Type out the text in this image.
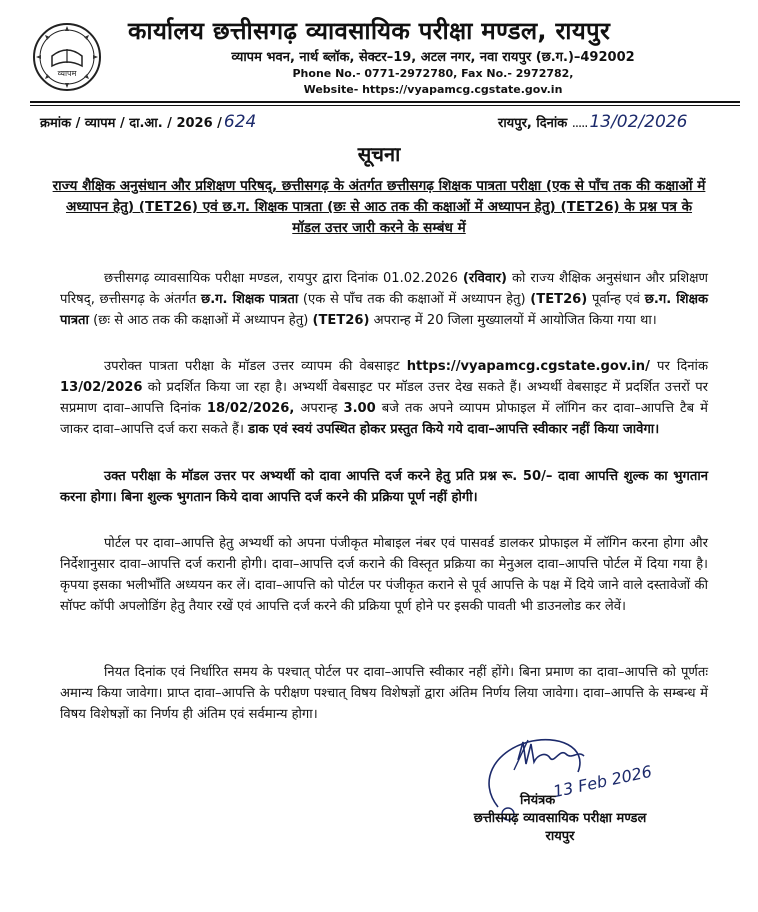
व्यापम
कार्यालय छत्तीसगढ़ व्यावसायिक परीक्षा मण्डल, रायपुर
व्यापम भवन, नार्थ ब्लॉक, सेक्टर–19, अटल नगर, नवा रायपुर (छ.ग.)–492002
Phone No.- 0771-2972780, Fax No.- 2972782,
Website- https://vyapamcg.cgstate.gov.in
क्रमांक / व्यापम / दा.आ. / 2026 / 624	रायपुर, दिनांक ..... 13/02/2026
सूचना
राज्य शैक्षिक अनुसंधान और प्रशिक्षण परिषद्, छत्तीसगढ़ के अंतर्गत छत्तीसगढ़ शिक्षक पात्रता परीक्षा (एक से पाँच तक की कक्षाओं में अध्यापन हेतु) (TET26) एवं छ.ग. शिक्षक पात्रता (छः से आठ तक की कक्षाओं में अध्यापन हेतु) (TET26) के प्रश्न पत्र के मॉडल उत्तर जारी करने के सम्बंध में
छत्तीसगढ़ व्यावसायिक परीक्षा मण्डल, रायपुर द्वारा दिनांक 01.02.2026 (रविवार) को राज्य शैक्षिक अनुसंधान और प्रशिक्षण परिषद्, छत्तीसगढ़ के अंतर्गत छ.ग. शिक्षक पात्रता (एक से पाँच तक की कक्षाओं में अध्यापन हेतु) (TET26) पूर्वान्ह एवं छ.ग. शिक्षक पात्रता (छः से आठ तक की कक्षाओं में अध्यापन हेतु) (TET26) अपरान्ह में 20 जिला मुख्यालयों में आयोजित किया गया था।
उपरोक्त पात्रता परीक्षा के मॉडल उत्तर व्यापम की वेबसाइट https://vyapamcg.cgstate.gov.in/ पर दिनांक 13/02/2026 को प्रदर्शित किया जा रहा है। अभ्यर्थी वेबसाइट पर मॉडल उत्तर देख सकते हैं। अभ्यर्थी वेबसाइट में प्रदर्शित उत्तरों पर सप्रमाण दावा–आपत्ति दिनांक 18/02/2026, अपरान्ह 3.00 बजे तक अपने व्यापम प्रोफाइल में लॉगिन कर दावा–आपत्ति टैब में जाकर दावा–आपत्ति दर्ज करा सकते हैं। डाक एवं स्वयं उपस्थित होकर प्रस्तुत किये गये दावा–आपत्ति स्वीकार नहीं किया जावेगा।
उक्त परीक्षा के मॉडल उत्तर पर अभ्यर्थी को दावा आपत्ति दर्ज करने हेतु प्रति प्रश्न रू. 50/– दावा आपत्ति शुल्क का भुगतान करना होगा। बिना शुल्क भुगतान किये दावा आपत्ति दर्ज करने की प्रक्रिया पूर्ण नहीं होगी।
पोर्टल पर दावा–आपत्ति हेतु अभ्यर्थी को अपना पंजीकृत मोबाइल नंबर एवं पासवर्ड डालकर प्रोफाइल में लॉगिन करना होगा और निर्देशानुसार दावा–आपत्ति दर्ज करानी होगी। दावा–आपत्ति दर्ज कराने की विस्तृत प्रक्रिया का मेनुअल दावा–आपत्ति पोर्टल में दिया गया है। कृपया इसका भलीभाँति अध्ययन कर लें। दावा–आपत्ति को पोर्टल पर पंजीकृत कराने से पूर्व आपत्ति के पक्ष में दिये जाने वाले दस्तावेजों की सॉफ्ट कॉपी अपलोडिंग हेतु तैयार रखें एवं आपत्ति दर्ज करने की प्रक्रिया पूर्ण होने पर इसकी पावती भी डाउनलोड कर लेवें।
नियत दिनांक एवं निर्धारित समय के पश्चात् पोर्टल पर दावा–आपत्ति स्वीकार नहीं होंगे। बिना प्रमाण का दावा–आपत्ति को पूर्णतः अमान्य किया जावेगा। प्राप्त दावा–आपत्ति के परीक्षण पश्चात् विषय विशेषज्ञों द्वारा अंतिम निर्णय लिया जावेगा। दावा–आपत्ति के सम्बन्ध में विषय विशेषज्ञों का निर्णय ही अंतिम एवं सर्वमान्य होगा।
13 Feb 2026
नियंत्रक
छत्तीसगढ़ व्यावसायिक परीक्षा मण्डल
रायपुर
